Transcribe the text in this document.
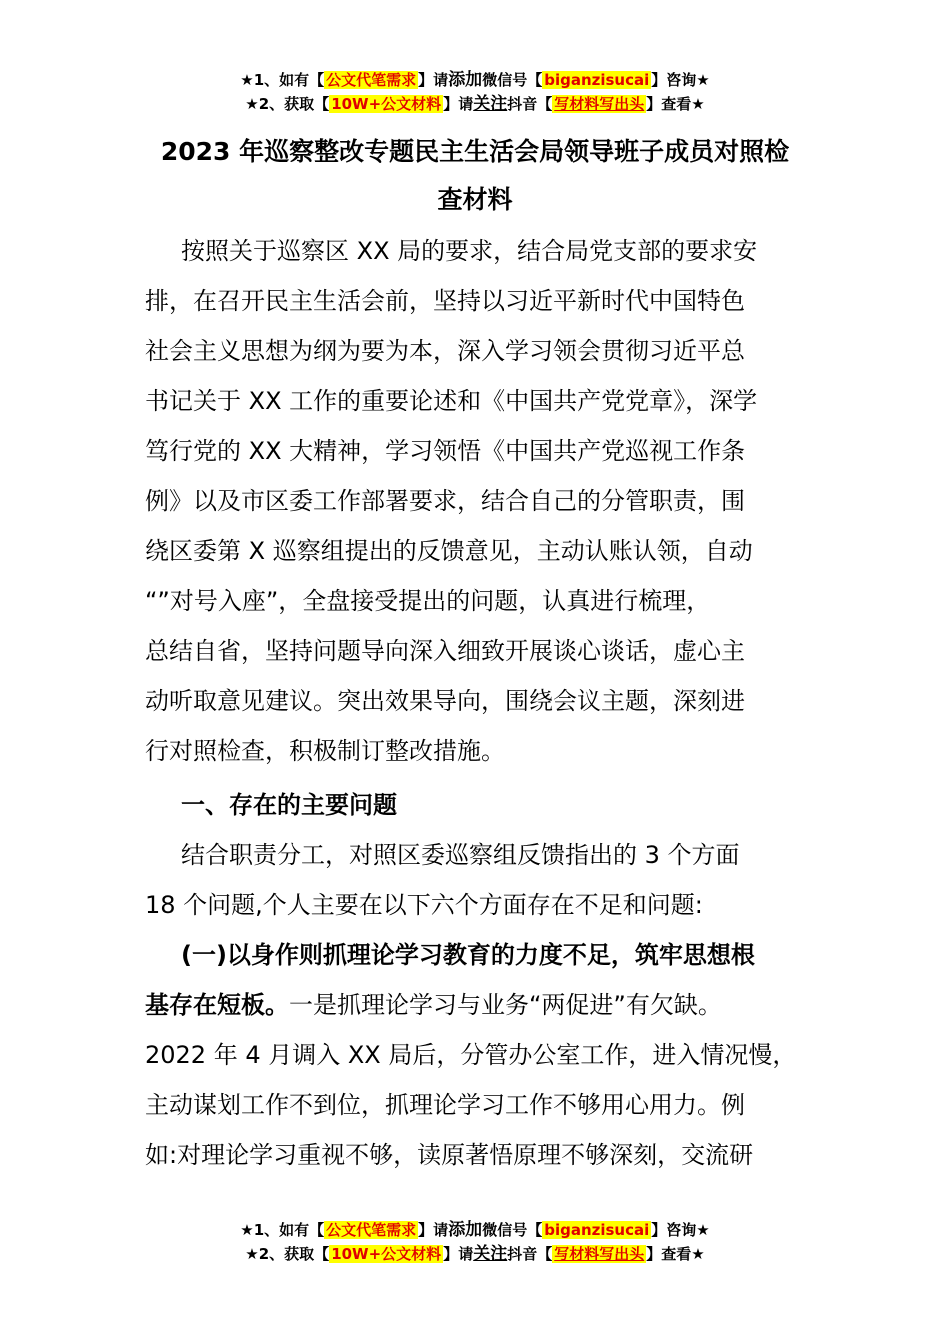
★1、如有【 公文代笔需求 】请添加微信号【 biganzisucai 】咨询★
★2、获取【 10W+公文材料 】请关注抖音【 写材料写出头 】查看★
2023 年巡察整改专题民主生活会局领导班子成员对照检
查材料

按照关于巡察区 XX 局的要求，结合局党支部的要求安
排，在召开民主生活会前，坚持以习近平新时代中国特色
社会主义思想为纲为要为本，深入学习领会贯彻习近平总
书记关于 XX 工作的重要论述和《中国共产党党章》，深学
笃行党的 XX 大精神，学习领悟《中国共产党巡视工作条
例》以及市区委工作部署要求，结合自己的分管职责，围
绕区委第 X 巡察组提出的反馈意见，主动认账认领，自动
“”对号入座”，全盘接受提出的问题，认真进行梳理，
总结自省，坚持问题导向深入细致开展谈心谈话，虚心主
动听取意见建议。突出效果导向，围绕会议主题，深刻进
行对照检查，积极制订整改措施。

一、存在的主要问题

结合职责分工，对照区委巡察组反馈指出的 3 个方面
18 个问题,个人主要在以下六个方面存在不足和问题:

(一)以身作则抓理论学习教育的力度不足，筑牢思想根
基存在短板。一是抓理论学习与业务“两促进”有欠缺。
2022 年 4 月调入 XX 局后，分管办公室工作，进入情况慢，
主动谋划工作不到位，抓理论学习工作不够用心用力。例
如:对理论学习重视不够，读原著悟原理不够深刻，交流研

★1、如有【 公文代笔需求 】请添加微信号【 biganzisucai 】咨询★
★2、获取【 10W+公文材料 】请关注抖音【 写材料写出头 】查看★
